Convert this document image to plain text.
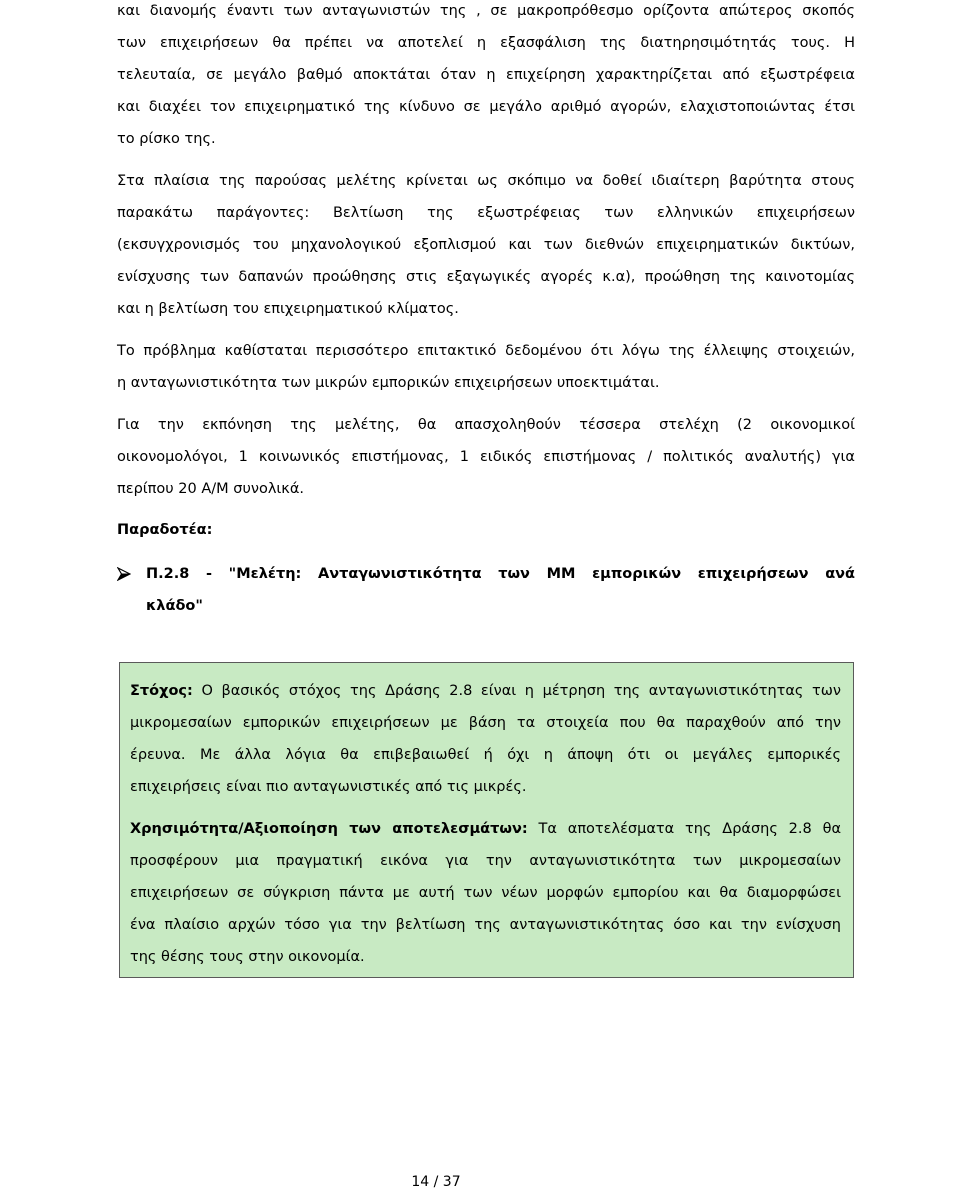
και διανομής έναντι των ανταγωνιστών της , σε μακροπρόθεσμο ορίζοντα απώτερος σκοπός
των επιχειρήσεων θα πρέπει να αποτελεί η εξασφάλιση της διατηρησιμότητάς τους. Η
τελευταία, σε μεγάλο βαθμό αποκτάται όταν η επιχείρηση χαρακτηρίζεται από εξωστρέφεια
και διαχέει τον επιχειρηματικό της κίνδυνο σε μεγάλο αριθμό αγορών, ελαχιστοποιώντας έτσι
το ρίσκο της.
Στα πλαίσια της παρούσας μελέτης κρίνεται ως σκόπιμο να δοθεί ιδιαίτερη βαρύτητα στους
παρακάτω παράγοντες: Βελτίωση της εξωστρέφειας των ελληνικών επιχειρήσεων
(εκσυγχρονισμός του μηχανολογικού εξοπλισμού και των διεθνών επιχειρηματικών δικτύων,
ενίσχυσης των δαπανών προώθησης στις εξαγωγικές αγορές κ.α), προώθηση της καινοτομίας
και η βελτίωση του επιχειρηματικού κλίματος.
Το πρόβλημα καθίσταται περισσότερο επιτακτικό δεδομένου ότι λόγω της έλλειψης στοιχειών,
η ανταγωνιστικότητα των μικρών εμπορικών επιχειρήσεων υποεκτιμάται.
Για την εκπόνηση της μελέτης, θα απασχοληθούν τέσσερα στελέχη (2 οικονομικοί
οικονομολόγοι, 1 κοινωνικός επιστήμονας, 1 ειδικός επιστήμονας / πολιτικός αναλυτής) για
περίπου 20 Α/Μ συνολικά.
Παραδοτέα:
Π.2.8 - "Μελέτη: Ανταγωνιστικότητα των ΜΜ εμπορικών επιχειρήσεων ανά
κλάδο"
Στόχος: Ο βασικός στόχος της Δράσης 2.8 είναι η μέτρηση της ανταγωνιστικότητας των
μικρομεσαίων εμπορικών επιχειρήσεων με βάση τα στοιχεία που θα παραχθούν από την
έρευνα. Με άλλα λόγια θα επιβεβαιωθεί ή όχι η άποψη ότι οι μεγάλες εμπορικές
επιχειρήσεις είναι πιο ανταγωνιστικές από τις μικρές.
Χρησιμότητα/Αξιοποίηση των αποτελεσμάτων: Τα αποτελέσματα της Δράσης 2.8 θα
προσφέρουν μια πραγματική εικόνα για την ανταγωνιστικότητα των μικρομεσαίων
επιχειρήσεων σε σύγκριση πάντα με αυτή των νέων μορφών εμπορίου και θα διαμορφώσει
ένα πλαίσιο αρχών τόσο για την βελτίωση της ανταγωνιστικότητας όσο και την ενίσχυση
της θέσης τους στην οικονομία.
14 / 37
